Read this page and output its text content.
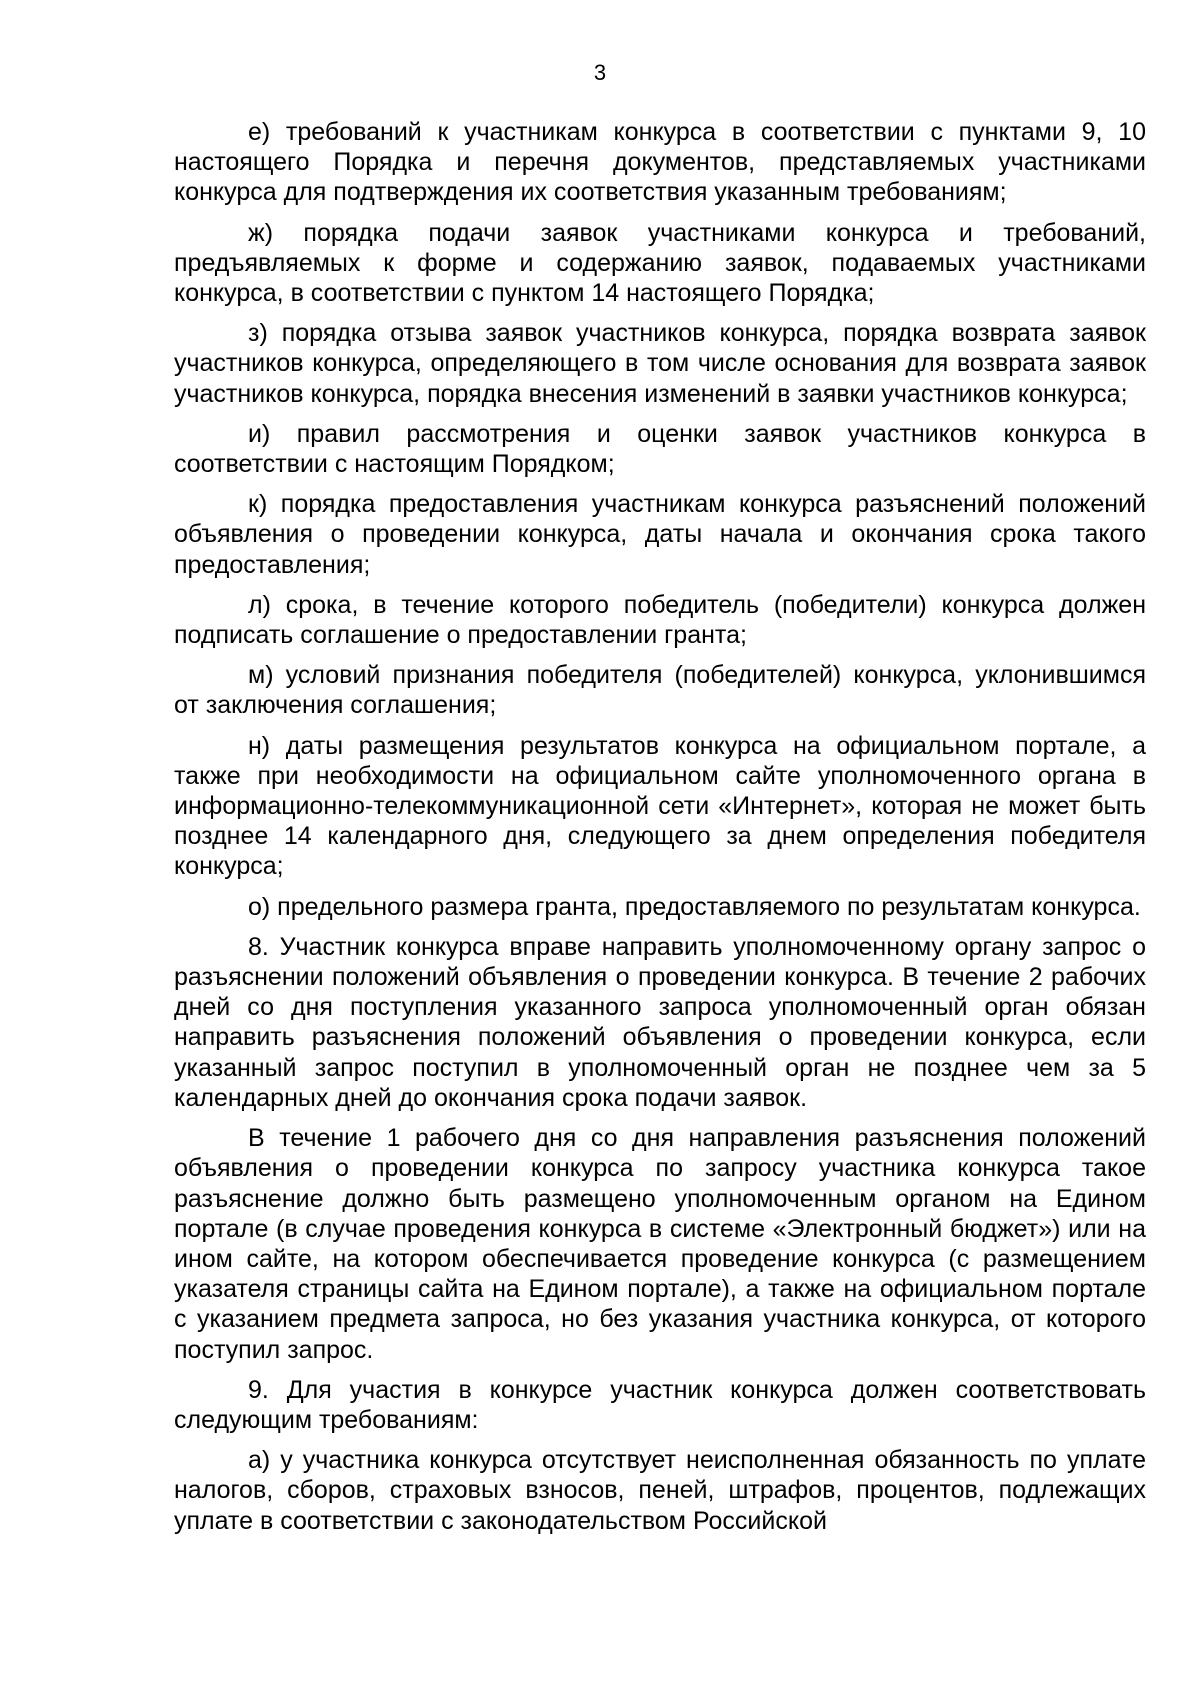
3

е) требований к участникам конкурса в соответствии с пунктами 9, 10 настоящего Порядка и перечня документов, представляемых участниками конкурса для подтверждения их соответствия указанным требованиям;

ж) порядка подачи заявок участниками конкурса и требований, предъявляемых к форме и содержанию заявок, подаваемых участниками конкурса, в соответствии с пунктом 14 настоящего Порядка;

з) порядка отзыва заявок участников конкурса, порядка возврата заявок участников конкурса, определяющего в том числе основания для возврата заявок участников конкурса, порядка внесения изменений в заявки участников конкурса;

и) правил рассмотрения и оценки заявок участников конкурса в соответствии с настоящим Порядком;

к) порядка предоставления участникам конкурса разъяснений положений объявления о проведении конкурса, даты начала и окончания срока такого предоставления;

л) срока, в течение которого победитель (победители) конкурса должен подписать соглашение о предоставлении гранта;

м) условий признания победителя (победителей) конкурса, уклонившимся от заключения соглашения;

н) даты размещения результатов конкурса на официальном портале, а также при необходимости на официальном сайте уполномоченного органа в информационно-телекоммуникационной сети «Интернет», которая не может быть позднее 14 календарного дня, следующего за днем определения победителя конкурса;

о) предельного размера гранта, предоставляемого по результатам конкурса.

8. Участник конкурса вправе направить уполномоченному органу запрос о разъяснении положений объявления о проведении конкурса. В течение 2 рабочих дней со дня поступления указанного запроса уполномоченный орган обязан направить разъяснения положений объявления о проведении конкурса, если указанный запрос поступил в уполномоченный орган не позднее чем за 5 календарных дней до окончания срока подачи заявок.

В течение 1 рабочего дня со дня направления разъяснения положений объявления о проведении конкурса по запросу участника конкурса такое разъяснение должно быть размещено уполномоченным органом на Едином портале (в случае проведения конкурса в системе «Электронный бюджет») или на ином сайте, на котором обеспечивается проведение конкурса (с размещением указателя страницы сайта на Едином портале), а также на официальном портале с указанием предмета запроса, но без указания участника конкурса, от которого поступил запрос.

9. Для участия в конкурсе участник конкурса должен соответствовать следующим требованиям:

а) у участника конкурса отсутствует неисполненная обязанность по уплате налогов, сборов, страховых взносов, пеней, штрафов, процентов, подлежащих уплате в соответствии с законодательством Российской
